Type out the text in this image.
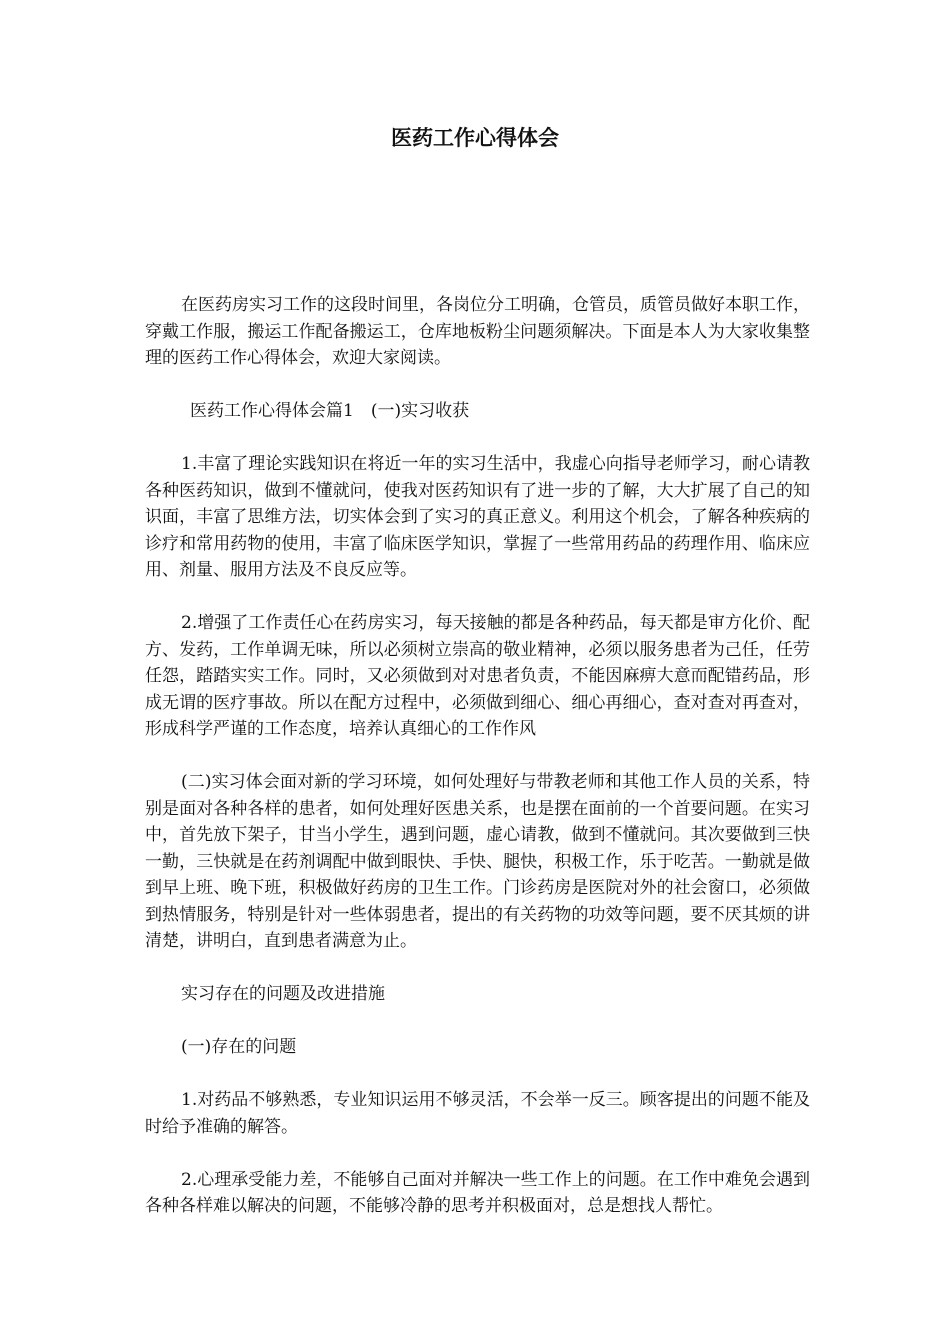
医药工作心得体会

在医药房实习工作的这段时间里，各岗位分工明确，仓管员，质管员做好本职工作，穿戴工作服，搬运工作配备搬运工，仓库地板粉尘问题须解决。下面是本人为大家收集整理的医药工作心得体会，欢迎大家阅读。

医药工作心得体会篇1　(一)实习收获

1.丰富了理论实践知识在将近一年的实习生活中，我虚心向指导老师学习，耐心请教各种医药知识，做到不懂就问，使我对医药知识有了进一步的了解，大大扩展了自己的知识面，丰富了思维方法，切实体会到了实习的真正意义。利用这个机会，了解各种疾病的诊疗和常用药物的使用，丰富了临床医学知识，掌握了一些常用药品的药理作用、临床应用、剂量、服用方法及不良反应等。

2.增强了工作责任心在药房实习，每天接触的都是各种药品，每天都是审方化价、配方、发药，工作单调无味，所以必须树立崇高的敬业精神，必须以服务患者为己任，任劳任怨，踏踏实实工作。同时，又必须做到对对患者负责，不能因麻痹大意而配错药品，形成无谓的医疗事故。所以在配方过程中，必须做到细心、细心再细心，查对查对再查对，形成科学严谨的工作态度，培养认真细心的工作作风

(二)实习体会面对新的学习环境，如何处理好与带教老师和其他工作人员的关系，特别是面对各种各样的患者，如何处理好医患关系，也是摆在面前的一个首要问题。在实习中，首先放下架子，甘当小学生，遇到问题，虚心请教，做到不懂就问。其次要做到三快一勤，三快就是在药剂调配中做到眼快、手快、腿快，积极工作，乐于吃苦。一勤就是做到早上班、晚下班，积极做好药房的卫生工作。门诊药房是医院对外的社会窗口，必须做到热情服务，特别是针对一些体弱患者，提出的有关药物的功效等问题，要不厌其烦的讲清楚，讲明白，直到患者满意为止。

实习存在的问题及改进措施

(一)存在的问题

1.对药品不够熟悉，专业知识运用不够灵活，不会举一反三。顾客提出的问题不能及时给予准确的解答。

2.心理承受能力差，不能够自己面对并解决一些工作上的问题。在工作中难免会遇到各种各样难以解决的问题，不能够冷静的思考并积极面对，总是想找人帮忙。
